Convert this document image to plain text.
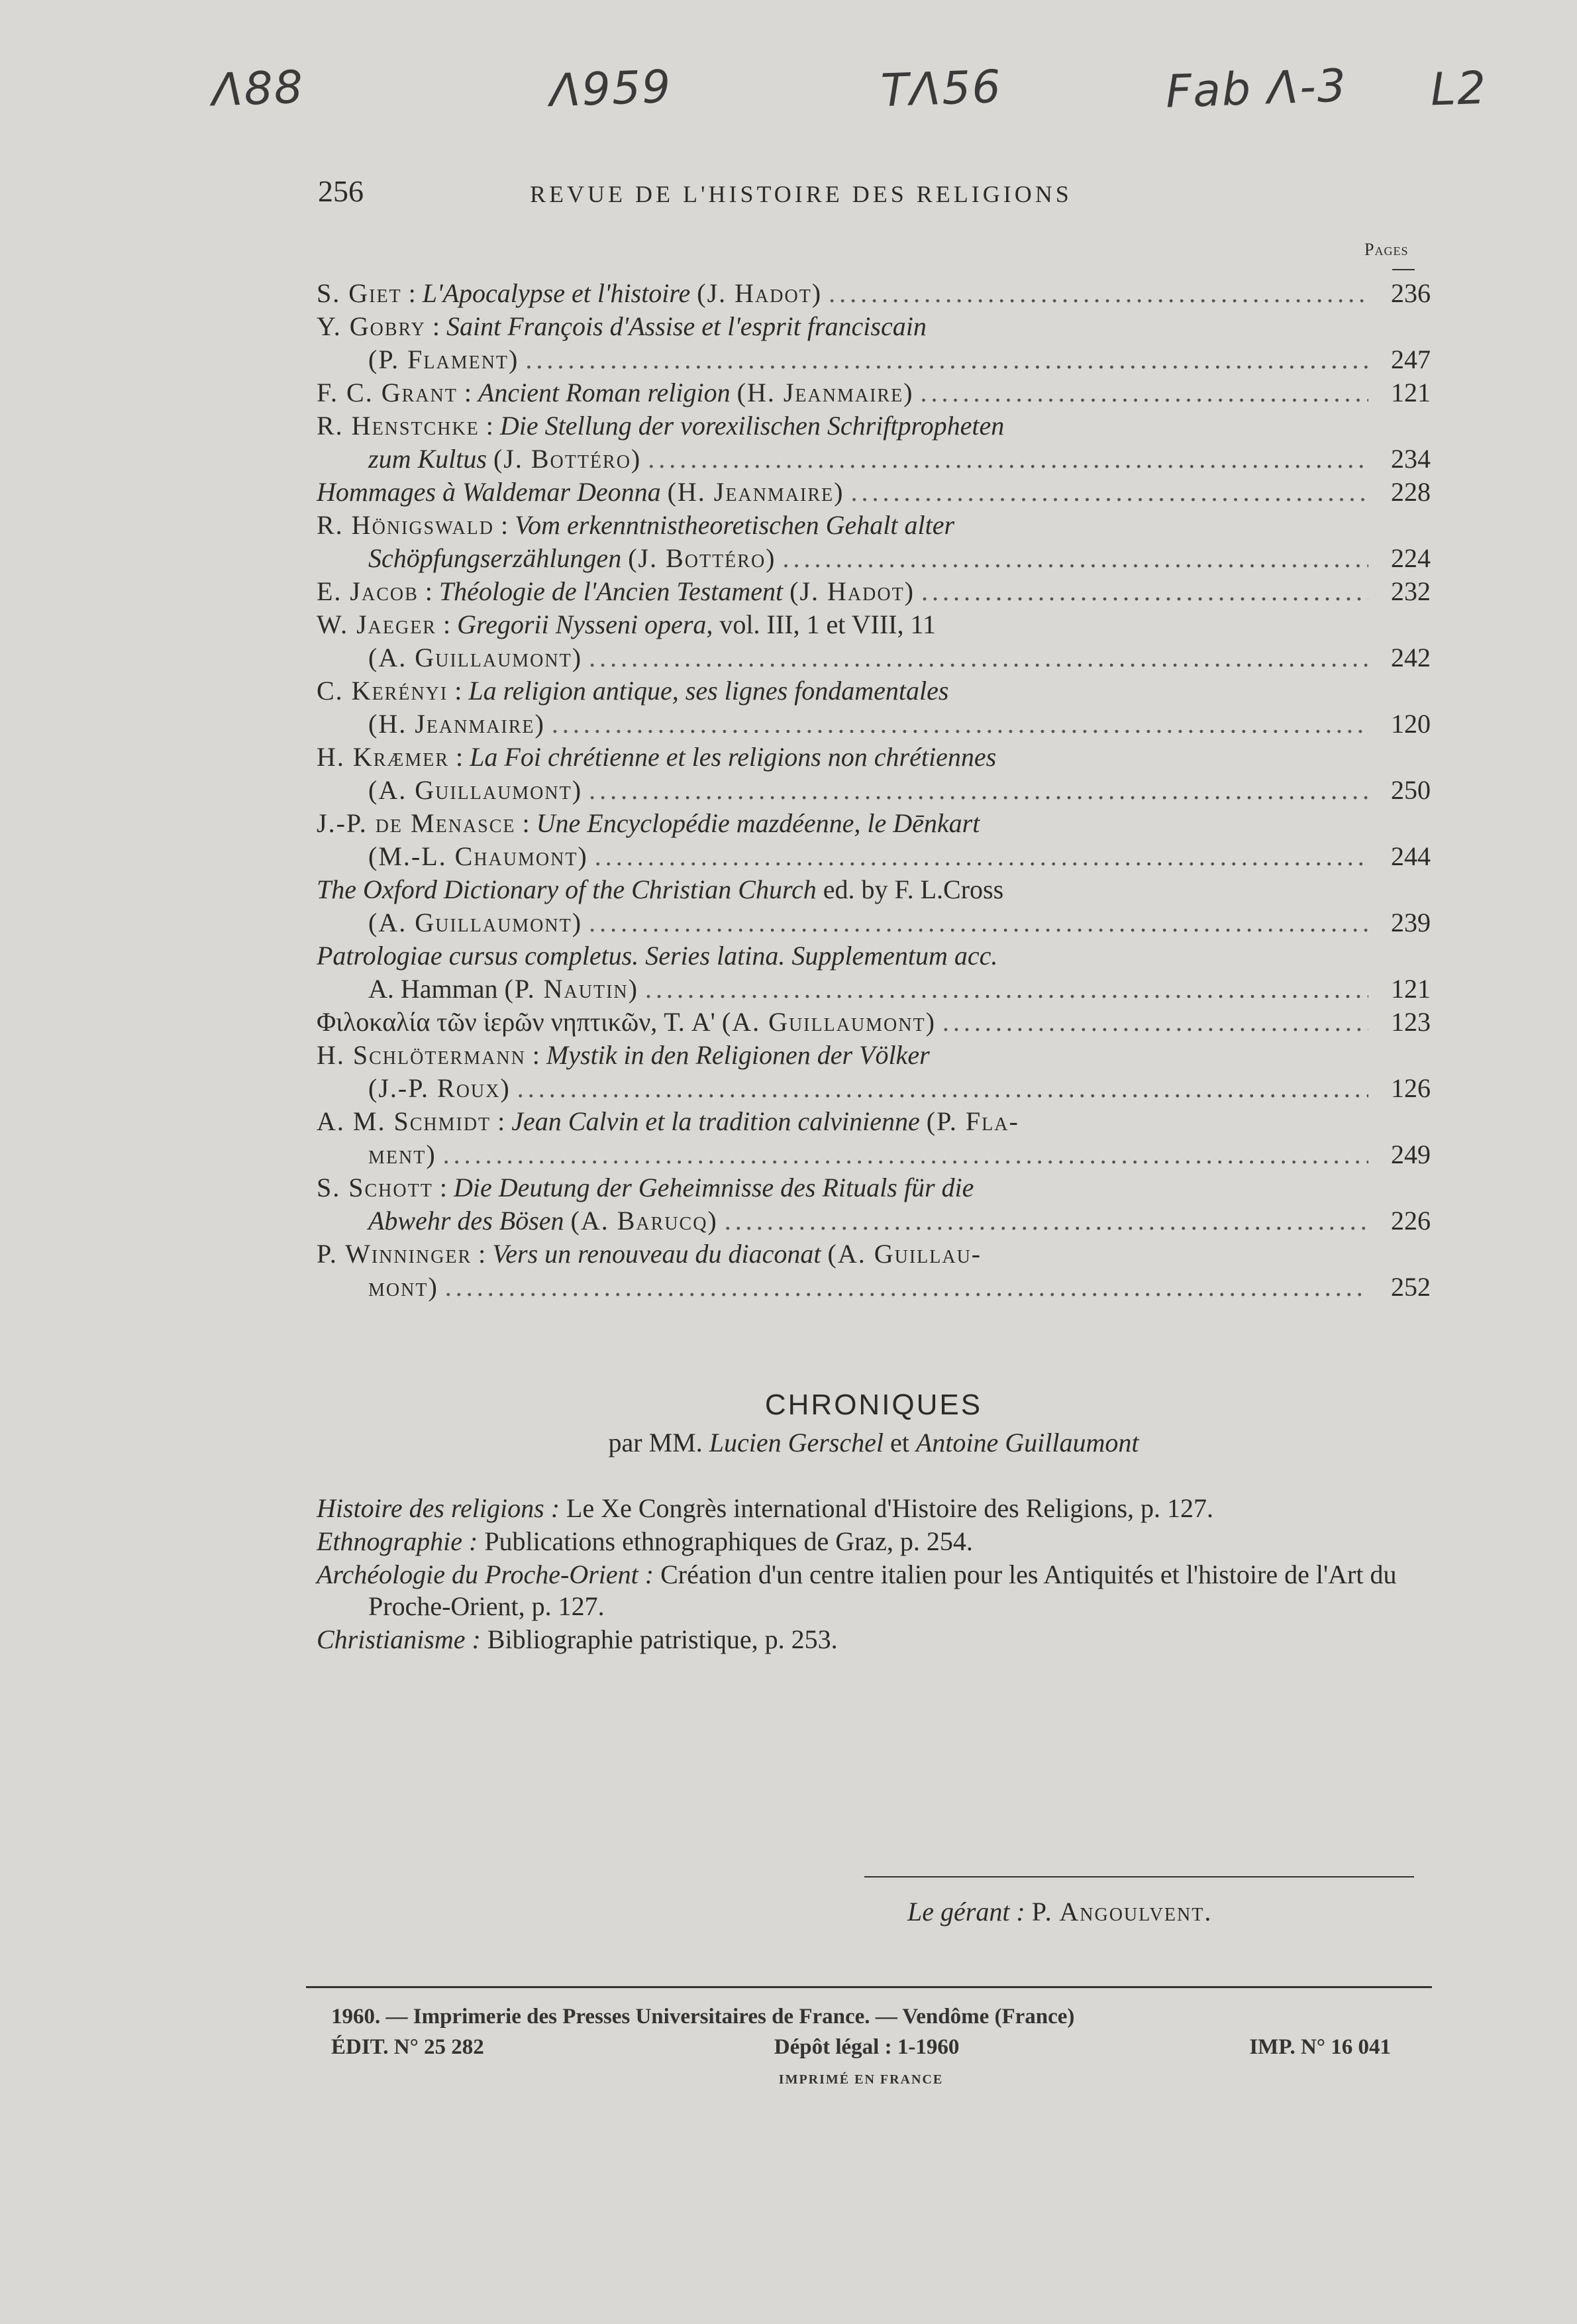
Λ88	Λ959	TΛ56	Fab Λ-3 L2
256	REVUE DE L'HISTOIRE DES RELIGIONS
Pages
S. Giet : L'Apocalypse et l'histoire (J. Hadot) .....	236
Y. Gobry : Saint François d'Assise et l'esprit franciscain
(P. Flament) .....	247
F. C. Grant : Ancient Roman religion (H. Jeanmaire) .....	121
R. Henstchke : Die Stellung der vorexilischen Schriftpropheten
zum Kultus (J. Bottéro) .....	234
Hommages à Waldemar Deonna (H. Jeanmaire) .....	228
R. Hönigswald : Vom erkenntnistheoretischen Gehalt alter
Schöpfungserzählungen (J. Bottéro) .....	224
E. Jacob : Théologie de l'Ancien Testament (J. Hadot) .....	232
W. Jaeger : Gregorii Nysseni opera, vol. III, 1 et VIII, 11
(A. Guillaumont) .....	242
C. Kerényi : La religion antique, ses lignes fondamentales
(H. Jeanmaire) .....	120
H. Kræmer : La Foi chrétienne et les religions non chrétiennes
(A. Guillaumont) .....	250
J.-P. de Menasce : Une Encyclopédie mazdéenne, le Dēnkart
(M.-L. Chaumont) .....	244
The Oxford Dictionary of the Christian Church ed. by F. L.Cross
(A. Guillaumont) .....	239
Patrologiae cursus completus. Series latina. Supplementum acc.
A. Hamman (P. Nautin) .....	121
Φιλοκαλία τῶν ἱερῶν νηπτικῶν, T. Α' (A. Guillaumont) .....	123
H. Schlötermann : Mystik in den Religionen der Völker
(J.-P. Roux) .....	126
A. M. Schmidt : Jean Calvin et la tradition calvinienne (P. Fla-
ment) .....	249
S. Schott : Die Deutung der Geheimnisse des Rituals für die
Abwehr des Bösen (A. Barucq) .....	226
P. Winninger : Vers un renouveau du diaconat (A. Guillau-
mont) .....	252
CHRONIQUES
par MM. Lucien Gerschel et Antoine Guillaumont
Histoire des religions : Le Xe Congrès international d'Histoire des Religions, p. 127.
Ethnographie : Publications ethnographiques de Graz, p. 254.
Archéologie du Proche-Orient : Création d'un centre italien pour les Antiquités et l'histoire de l'Art du Proche-Orient, p. 127.
Christianisme : Bibliographie patristique, p. 253.
Le gérant : P. Angoulvent.
1960. — Imprimerie des Presses Universitaires de France. — Vendôme (France)
ÉDIT. N° 25 282	Dépôt légal : 1-1960	IMP. N° 16 041
IMPRIMÉ EN FRANCE
